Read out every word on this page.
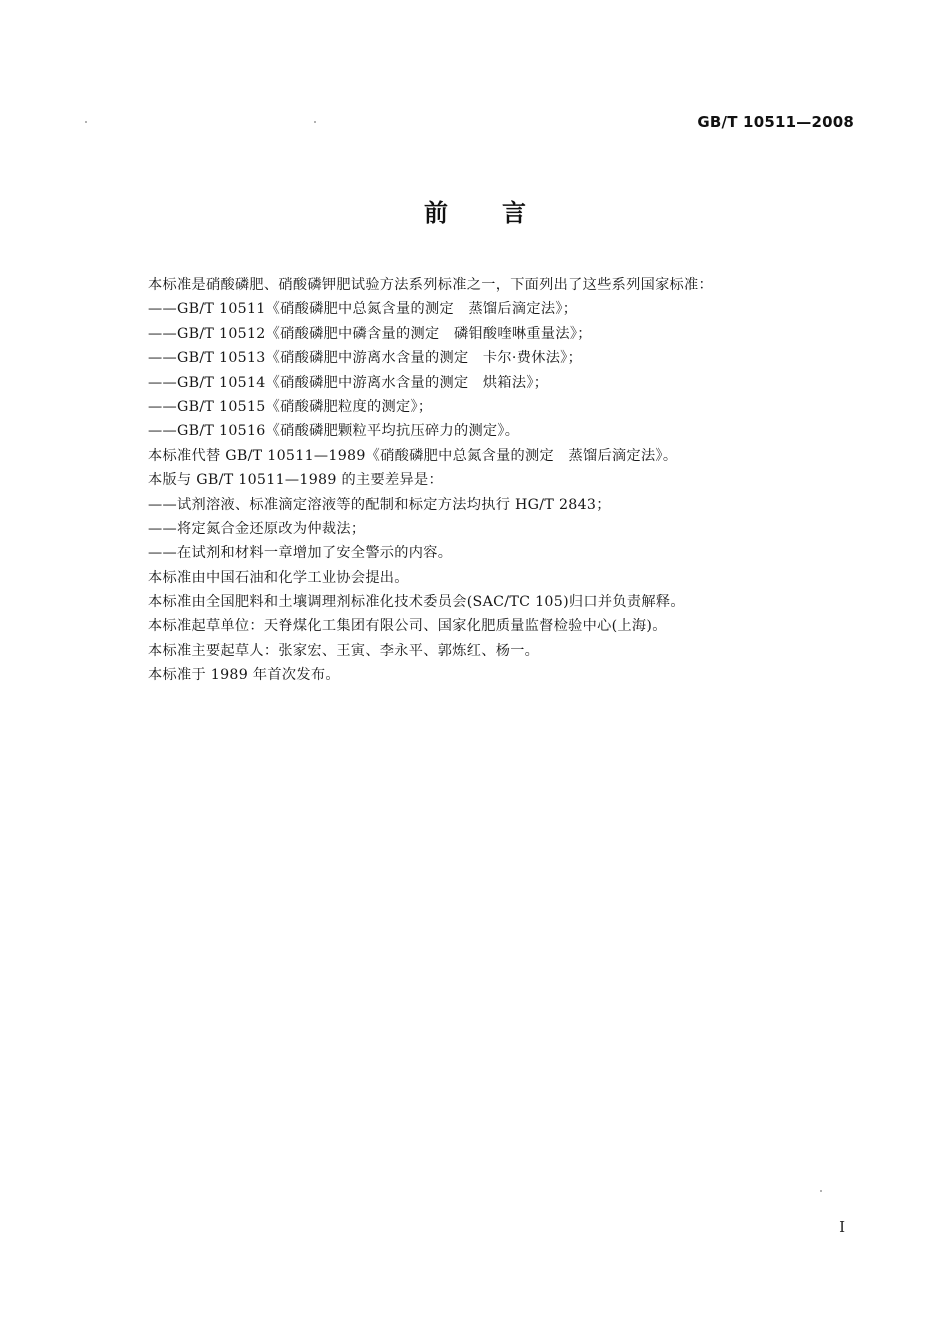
GB/T 10511—2008
前言
本标准是硝酸磷肥、硝酸磷钾肥试验方法系列标准之一，下面列出了这些系列国家标准：
——GB/T 10511《硝酸磷肥中总氮含量的测定　蒸馏后滴定法》；
——GB/T 10512《硝酸磷肥中磷含量的测定　磷钼酸喹啉重量法》；
——GB/T 10513《硝酸磷肥中游离水含量的测定　卡尔·费休法》；
——GB/T 10514《硝酸磷肥中游离水含量的测定　烘箱法》；
——GB/T 10515《硝酸磷肥粒度的测定》；
——GB/T 10516《硝酸磷肥颗粒平均抗压碎力的测定》。
本标准代替 GB/T 10511—1989《硝酸磷肥中总氮含量的测定　蒸馏后滴定法》。
本版与 GB/T 10511—1989 的主要差异是：
——试剂溶液、标准滴定溶液等的配制和标定方法均执行 HG/T 2843；
——将定氮合金还原改为仲裁法；
——在试剂和材料一章增加了安全警示的内容。
本标准由中国石油和化学工业协会提出。
本标准由全国肥料和土壤调理剂标准化技术委员会(SAC/TC 105)归口并负责解释。
本标准起草单位：天脊煤化工集团有限公司、国家化肥质量监督检验中心(上海)。
本标准主要起草人：张家宏、王寅、李永平、郭炼红、杨一。
本标准于 1989 年首次发布。
I
